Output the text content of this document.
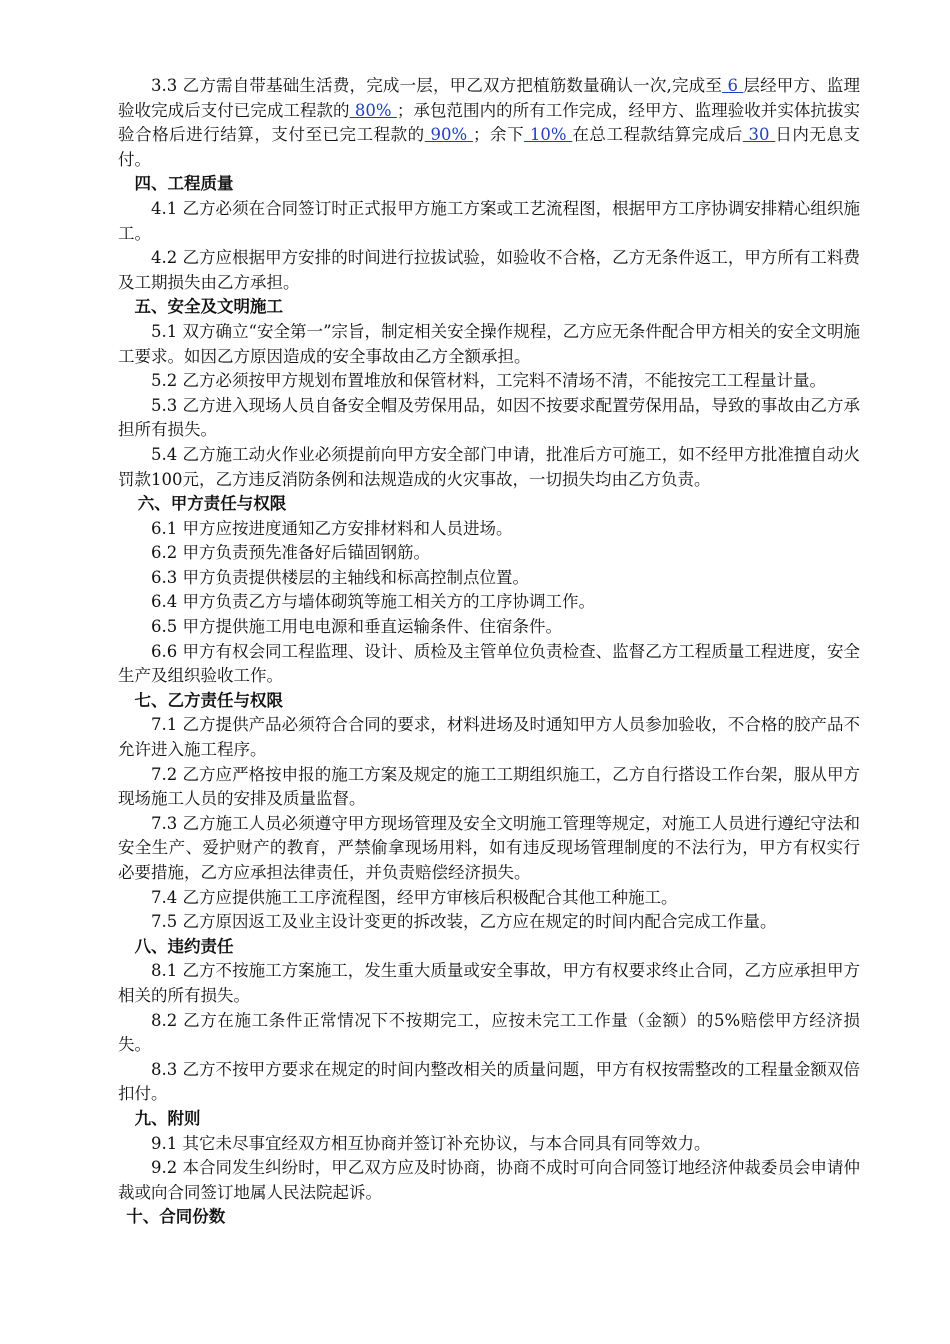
3.3 乙方需自带基础生活费，完成一层，甲乙双方把植筋数量确认一次,完成至 6 层经甲方、监理验收完成后支付已完成工程款的 80% ；承包范围内的所有工作完成，经甲方、监理验收并实体抗拔实验合格后进行结算，支付至已完工程款的 90% ；余下 10% 在总工程款结算完成后 30 日内无息支付。

四、工程质量

4.1 乙方必须在合同签订时正式报甲方施工方案或工艺流程图，根据甲方工序协调安排精心组织施工。

4.2 乙方应根据甲方安排的时间进行拉拔试验，如验收不合格，乙方无条件返工，甲方所有工料费及工期损失由乙方承担。

五、安全及文明施工

5.1 双方确立“安全第一”宗旨，制定相关安全操作规程，乙方应无条件配合甲方相关的安全文明施工要求。如因乙方原因造成的安全事故由乙方全额承担。

5.2 乙方必须按甲方规划布置堆放和保管材料，工完料不清场不清，不能按完工工程量计量。

5.3 乙方进入现场人员自备安全帽及劳保用品，如因不按要求配置劳保用品，导致的事故由乙方承担所有损失。

5.4 乙方施工动火作业必须提前向甲方安全部门申请，批准后方可施工，如不经甲方批准擅自动火罚款100元，乙方违反消防条例和法规造成的火灾事故，一切损失均由乙方负责。

六、甲方责任与权限

6.1 甲方应按进度通知乙方安排材料和人员进场。

6.2 甲方负责预先准备好后锚固钢筋。

6.3 甲方负责提供楼层的主轴线和标高控制点位置。

6.4 甲方负责乙方与墙体砌筑等施工相关方的工序协调工作。

6.5 甲方提供施工用电电源和垂直运输条件、住宿条件。

6.6 甲方有权会同工程监理、设计、质检及主管单位负责检查、监督乙方工程质量工程进度，安全生产及组织验收工作。

七、乙方责任与权限

7.1 乙方提供产品必须符合合同的要求，材料进场及时通知甲方人员参加验收，不合格的胶产品不允许进入施工程序。

7.2 乙方应严格按申报的施工方案及规定的施工工期组织施工，乙方自行搭设工作台架，服从甲方现场施工人员的安排及质量监督。

7.3 乙方施工人员必须遵守甲方现场管理及安全文明施工管理等规定，对施工人员进行遵纪守法和安全生产、爱护财产的教育，严禁偷拿现场用料，如有违反现场管理制度的不法行为，甲方有权实行必要措施，乙方应承担法律责任，并负责赔偿经济损失。

7.4 乙方应提供施工工序流程图，经甲方审核后积极配合其他工种施工。

7.5 乙方原因返工及业主设计变更的拆改装，乙方应在规定的时间内配合完成工作量。

八、违约责任

8.1 乙方不按施工方案施工，发生重大质量或安全事故，甲方有权要求终止合同，乙方应承担甲方相关的所有损失。

8.2 乙方在施工条件正常情况下不按期完工，应按未完工工作量（金额）的5%赔偿甲方经济损失。

8.3 乙方不按甲方要求在规定的时间内整改相关的质量问题，甲方有权按需整改的工程量金额双倍扣付。

九、附则

9.1 其它未尽事宜经双方相互协商并签订补充协议，与本合同具有同等效力。

9.2 本合同发生纠纷时，甲乙双方应及时协商，协商不成时可向合同签订地经济仲裁委员会申请仲裁或向合同签订地属人民法院起诉。

十、合同份数
